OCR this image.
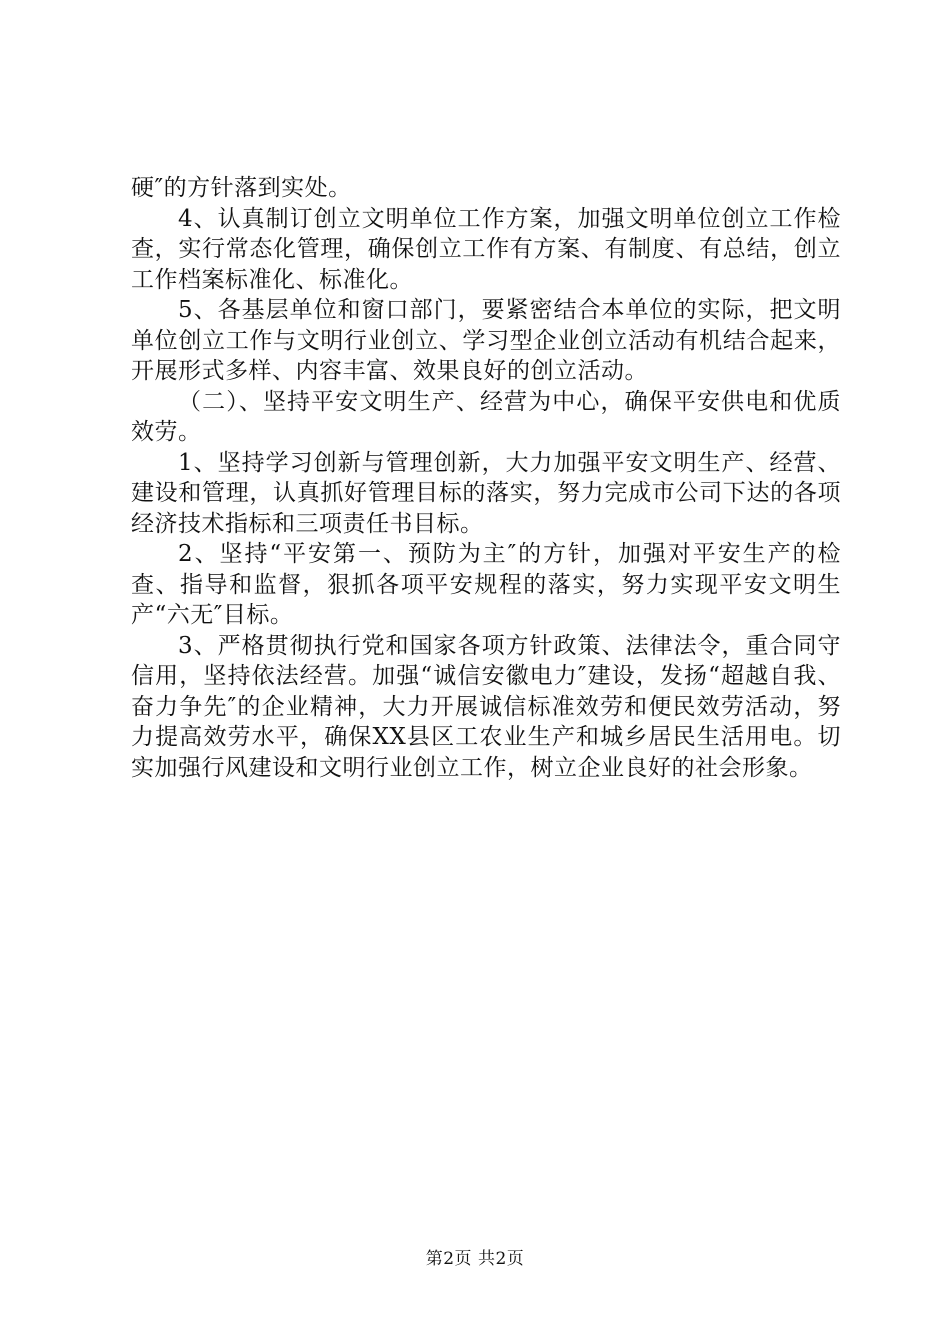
硬″的方针落到实处。

4、认真制订创立文明单位工作方案，加强文明单位创立工作检查，实行常态化管理，确保创立工作有方案、有制度、有总结，创立工作档案标准化、标准化。

5、各基层单位和窗口部门，要紧密结合本单位的实际，把文明单位创立工作与文明行业创立、学习型企业创立活动有机结合起来，开展形式多样、内容丰富、效果良好的创立活动。

（二）、坚持平安文明生产、经营为中心，确保平安供电和优质效劳。

1、坚持学习创新与管理创新，大力加强平安文明生产、经营、建设和管理，认真抓好管理目标的落实，努力完成市公司下达的各项经济技术指标和三项责任书目标。

2、坚持“平安第一、预防为主″的方针，加强对平安生产的检查、指导和监督，狠抓各项平安规程的落实，努力实现平安文明生产“六无″目标。

3、严格贯彻执行党和国家各项方针政策、法律法令，重合同守信用，坚持依法经营。加强“诚信安徽电力″建设，发扬“超越自我、奋力争先″的企业精神，大力开展诚信标准效劳和便民效劳活动，努力提高效劳水平，确保XX县区工农业生产和城乡居民生活用电。切实加强行风建设和文明行业创立工作，树立企业良好的社会形象。

第2页 共2页
